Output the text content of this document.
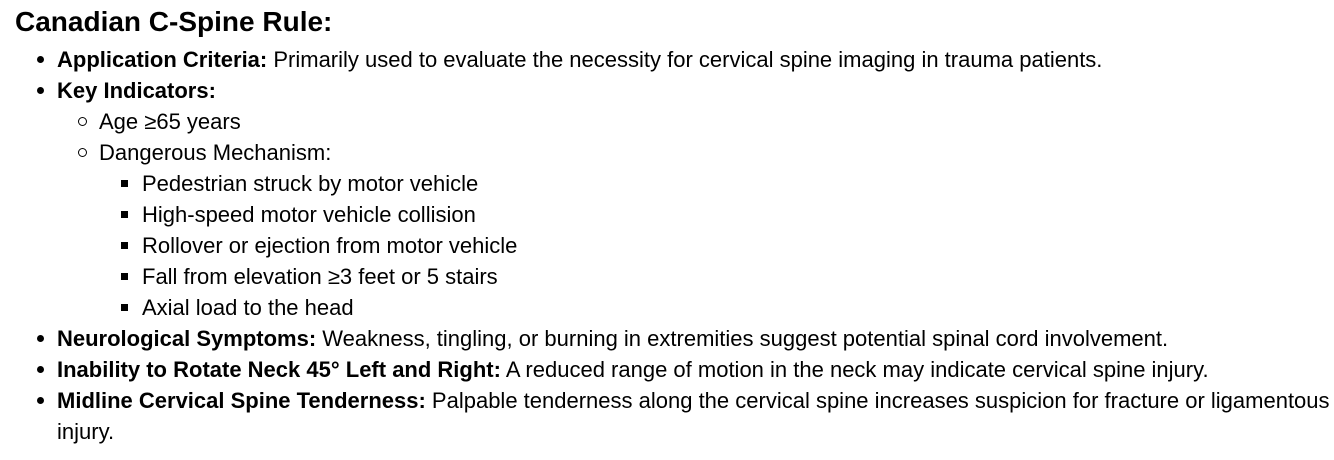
Canadian C-Spine Rule:
Application Criteria: Primarily used to evaluate the necessity for cervical spine imaging in trauma patients.
Key Indicators:
Age ≥65 years
Dangerous Mechanism:
Pedestrian struck by motor vehicle
High-speed motor vehicle collision
Rollover or ejection from motor vehicle
Fall from elevation ≥3 feet or 5 stairs
Axial load to the head
Neurological Symptoms: Weakness, tingling, or burning in extremities suggest potential spinal cord involvement.
Inability to Rotate Neck 45° Left and Right: A reduced range of motion in the neck may indicate cervical spine injury.
Midline Cervical Spine Tenderness: Palpable tenderness along the cervical spine increases suspicion for fracture or ligamentous injury.
